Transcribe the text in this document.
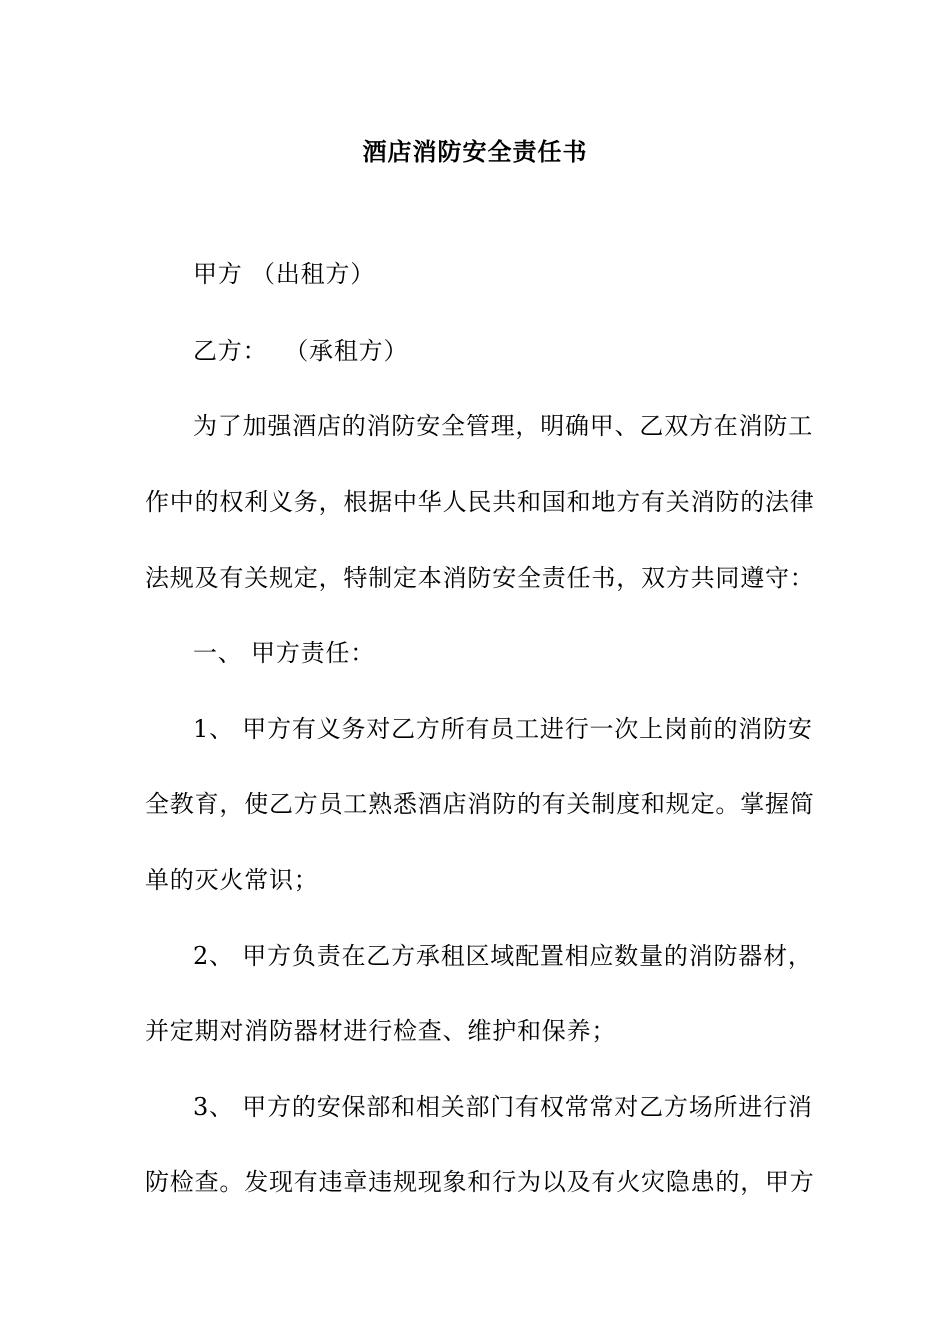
酒店消防安全责任书
甲方 （出租方）
乙方：  （承租方）
为了加强酒店的消防安全管理，明确甲、乙双方在消防工
作中的权利义务，根据中华人民共和国和地方有关消防的法律
法规及有关规定，特制定本消防安全责任书，双方共同遵守：
一、 甲方责任：
1、 甲方有义务对乙方所有员工进行一次上岗前的消防安
全教育，使乙方员工熟悉酒店消防的有关制度和规定。掌握简
单的灭火常识；
2、 甲方负责在乙方承租区域配置相应数量的消防器材，
并定期对消防器材进行检查、维护和保养；
3、 甲方的安保部和相关部门有权常常对乙方场所进行消
防检查。发现有违章违规现象和行为以及有火灾隐患的，甲方
